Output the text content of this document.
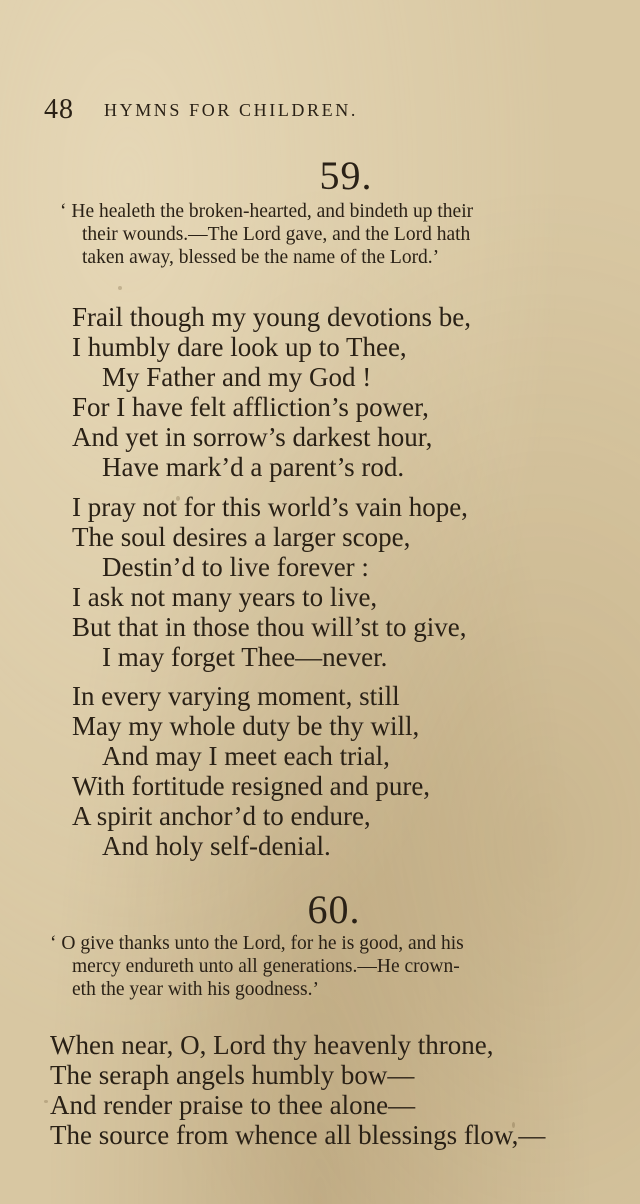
48 HYMNS FOR CHILDREN.
59.
‘ He healeth the broken-hearted, and bindeth up their
their wounds.—The Lord gave, and the Lord hath
taken away, blessed be the name of the Lord.’
Frail though my young devotions be,
I humbly dare look up to Thee,
My Father and my God !
For I have felt affliction’s power,
And yet in sorrow’s darkest hour,
Have mark’d a parent’s rod.
I pray not for this world’s vain hope,
The soul desires a larger scope,
Destin’d to live forever :
I ask not many years to live,
But that in those thou will’st to give,
I may forget Thee—never.
In every varying moment, still
May my whole duty be thy will,
And may I meet each trial,
With fortitude resigned and pure,
A spirit anchor’d to endure,
And holy self-denial.
60.
‘ O give thanks unto the Lord, for he is good, and his
mercy endureth unto all generations.—He crown-
eth the year with his goodness.’
When near, O, Lord thy heavenly throne,
The seraph angels humbly bow—
And render praise to thee alone—
The source from whence all blessings flow,—
